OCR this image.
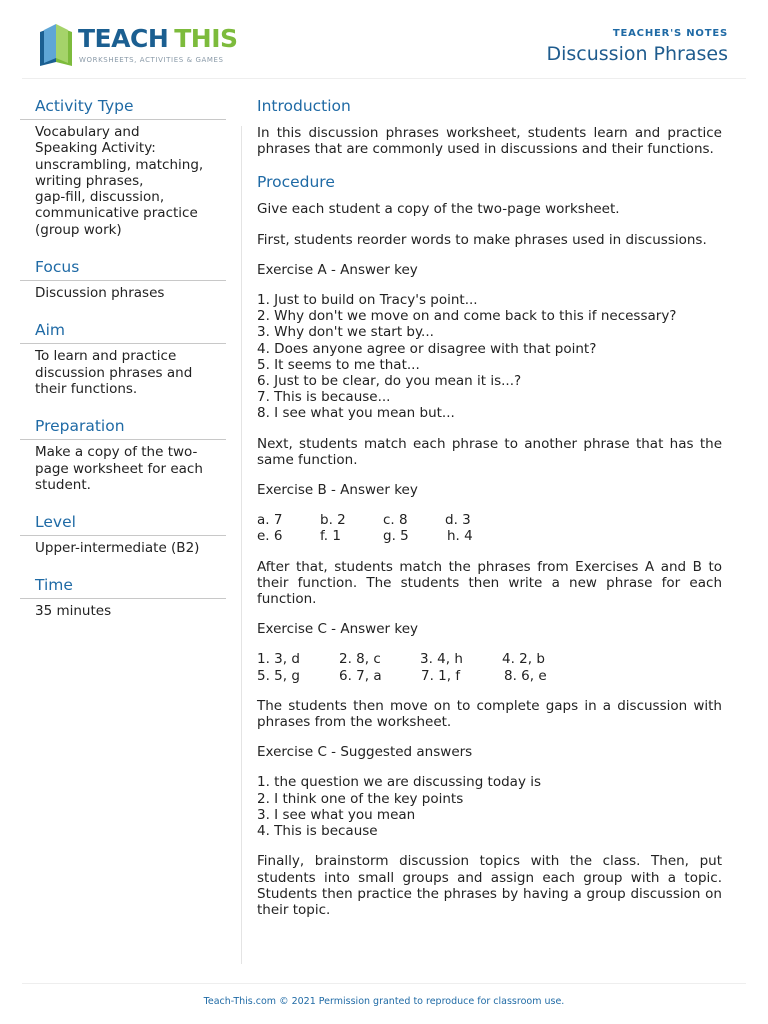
TEACH THIS
WORKSHEETS, ACTIVITIES & GAMES
TEACHER'S NOTES
Discussion Phrases
Activity Type
Vocabulary and
Speaking Activity:
unscrambling, matching,
writing phrases,
gap-fill, discussion,
communicative practice
(group work)
Focus
Discussion phrases
Aim
To learn and practice
discussion phrases and
their functions.
Preparation
Make a copy of the two-
page worksheet for each
student.
Level
Upper-intermediate (B2)
Time
35 minutes
Introduction

In this discussion phrases worksheet, students learn and practice phrases that are commonly used in discussions and their functions.

Procedure

Give each student a copy of the two-page worksheet.

First, students reorder words to make phrases used in discussions.

Exercise A - Answer key

1. Just to build on Tracy's point...
2. Why don't we move on and come back to this if necessary?
3. Why don't we start by...
4. Does anyone agree or disagree with that point?
5. It seems to me that...
6. Just to be clear, do you mean it is...?
7. This is because...
8. I see what you mean but...

Next, students match each phrase to another phrase that has the same function.

Exercise B - Answer key

a. 7	b. 2	c. 8	d. 3
e. 6	f. 1	g. 5	h. 4

After that, students match the phrases from Exercises A and B to their function. The students then write a new phrase for each function.

Exercise C - Answer key

1. 3, d	2. 8, c	3. 4, h	4. 2, b
5. 5, g	6. 7, a	7. 1, f	8. 6, e

The students then move on to complete gaps in a discussion with phrases from the worksheet.

Exercise C - Suggested answers

1. the question we are discussing today is
2. I think one of the key points
3. I see what you mean
4. This is because

Finally, brainstorm discussion topics with the class. Then, put students into small groups and assign each group with a topic. Students then practice the phrases by having a group discussion on their topic.

Teach-This.com © 2021 Permission granted to reproduce for classroom use.
